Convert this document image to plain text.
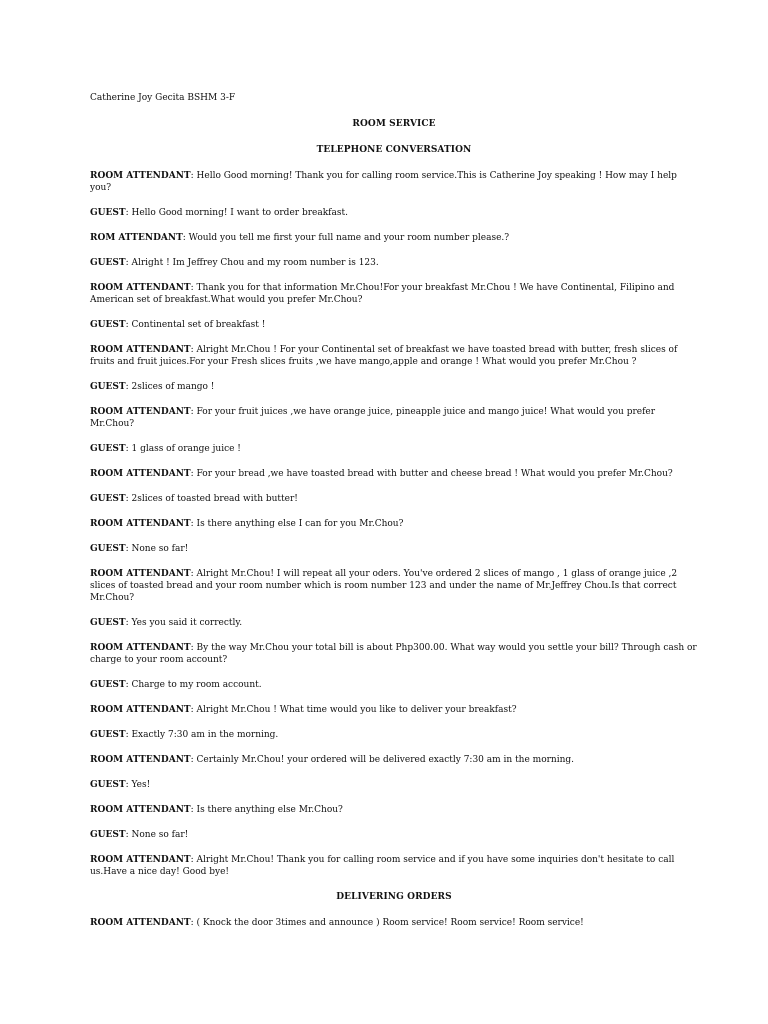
Catherine Joy Gecita BSHM 3-F
ROOM SERVICE
TELEPHONE CONVERSATION
ROOM ATTENDANT: Hello Good morning! Thank you for calling room service.This is Catherine Joy speaking ! How may I help you?
GUEST: Hello Good morning! I want to order breakfast.
ROM ATTENDANT: Would you tell me first your full name and your room number please.?
GUEST: Alright ! Im Jeffrey Chou and my room number is 123.
ROOM ATTENDANT: Thank you for that information Mr.Chou!For your breakfast Mr.Chou ! We have Continental, Filipino and American set of breakfast.What would you prefer Mr.Chou?
GUEST: Continental set of breakfast !
ROOM ATTENDANT: Alright Mr.Chou ! For your Continental set of breakfast we have toasted bread with butter, fresh slices of fruits and fruit juices.For your Fresh slices fruits ,we have mango,apple and orange ! What would you prefer Mr.Chou ?
GUEST: 2slices of mango !
ROOM ATTENDANT: For your fruit juices ,we have orange juice, pineapple juice and mango juice! What would you prefer Mr.Chou?
GUEST: 1 glass of orange juice !
ROOM ATTENDANT: For your bread ,we have toasted bread with butter and cheese bread ! What would you prefer Mr.Chou?
GUEST: 2slices of toasted bread with butter!
ROOM ATTENDANT: Is there anything else I can for you Mr.Chou?
GUEST: None so far!
ROOM ATTENDANT: Alright Mr.Chou! I will repeat all your oders. You've ordered 2 slices of mango , 1 glass of orange juice ,2 slices of toasted bread and your room number which is room number 123 and under the name of Mr.Jeffrey Chou.Is that correct Mr.Chou?
GUEST: Yes you said it correctly.
ROOM ATTENDANT: By the way Mr.Chou your total bill is about Php300.00. What way would you settle your bill? Through cash or charge to your room account?
GUEST: Charge to my room account.
ROOM ATTENDANT: Alright Mr.Chou ! What time would you like to deliver your breakfast?
GUEST: Exactly 7:30 am in the morning.
ROOM ATTENDANT: Certainly Mr.Chou! your ordered will be delivered exactly 7:30 am in the morning.
GUEST: Yes!
ROOM ATTENDANT: Is there anything else Mr.Chou?
GUEST: None so far!
ROOM ATTENDANT: Alright Mr.Chou! Thank you for calling room service and if you have some inquiries don't hesitate to call us.Have a nice day! Good bye!
DELIVERING ORDERS
ROOM ATTENDANT: ( Knock the door 3times and announce ) Room service! Room service! Room service!
